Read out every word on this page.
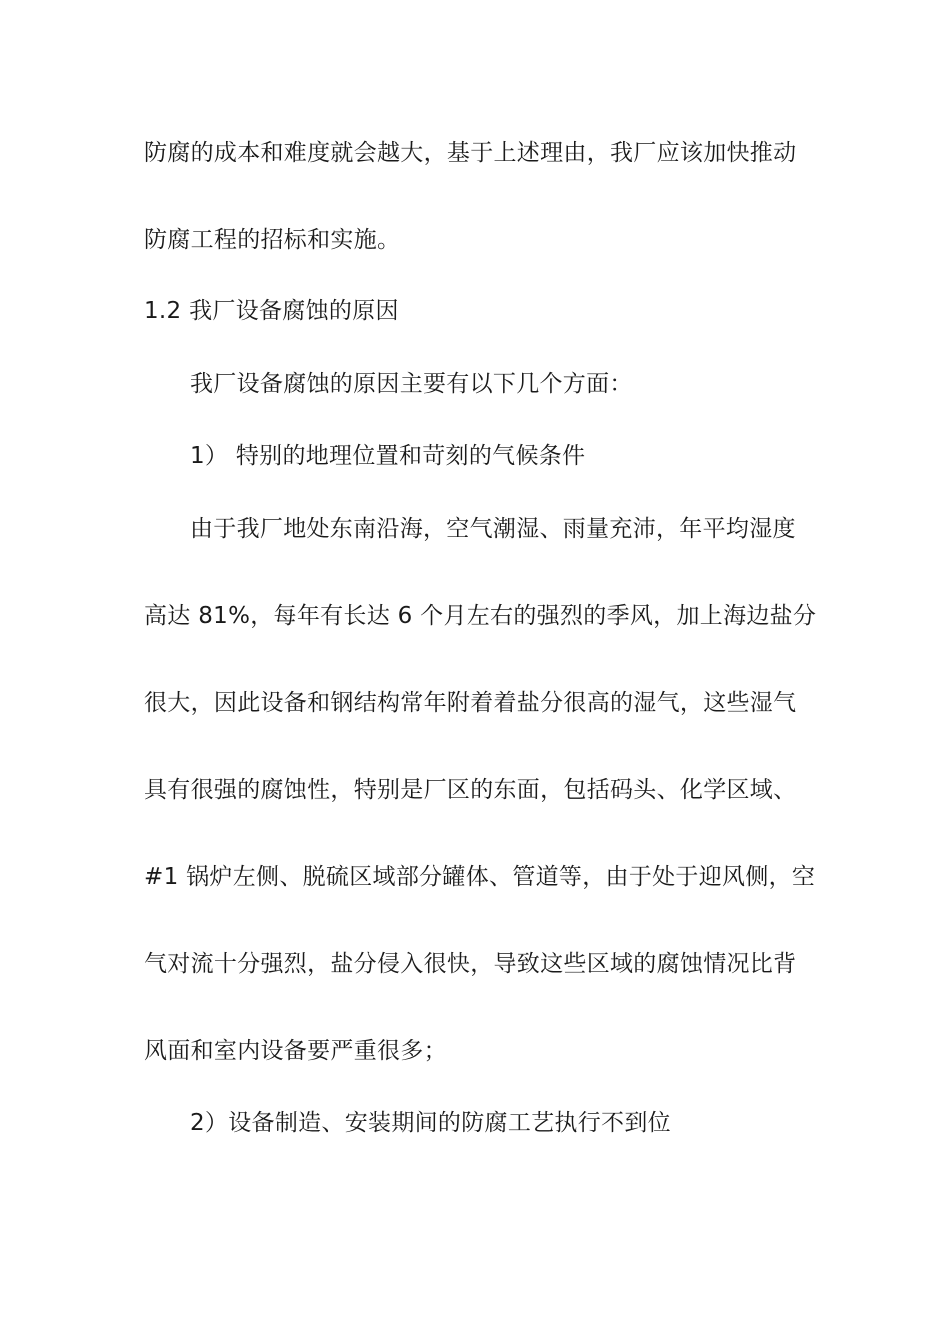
防腐的成本和难度就会越大，基于上述理由，我厂应该加快推动
防腐工程的招标和实施。
1.2 我厂设备腐蚀的原因
我厂设备腐蚀的原因主要有以下几个方面：
1） 特别的地理位置和苛刻的气候条件
由于我厂地处东南沿海，空气潮湿、雨量充沛，年平均湿度
高达 81%，每年有长达 6 个月左右的强烈的季风，加上海边盐分
很大，因此设备和钢结构常年附着着盐分很高的湿气，这些湿气
具有很强的腐蚀性，特别是厂区的东面，包括码头、化学区域、
#1 锅炉左侧、脱硫区域部分罐体、管道等，由于处于迎风侧，空
气对流十分强烈，盐分侵入很快，导致这些区域的腐蚀情况比背
风面和室内设备要严重很多；
2）设备制造、安装期间的防腐工艺执行不到位
